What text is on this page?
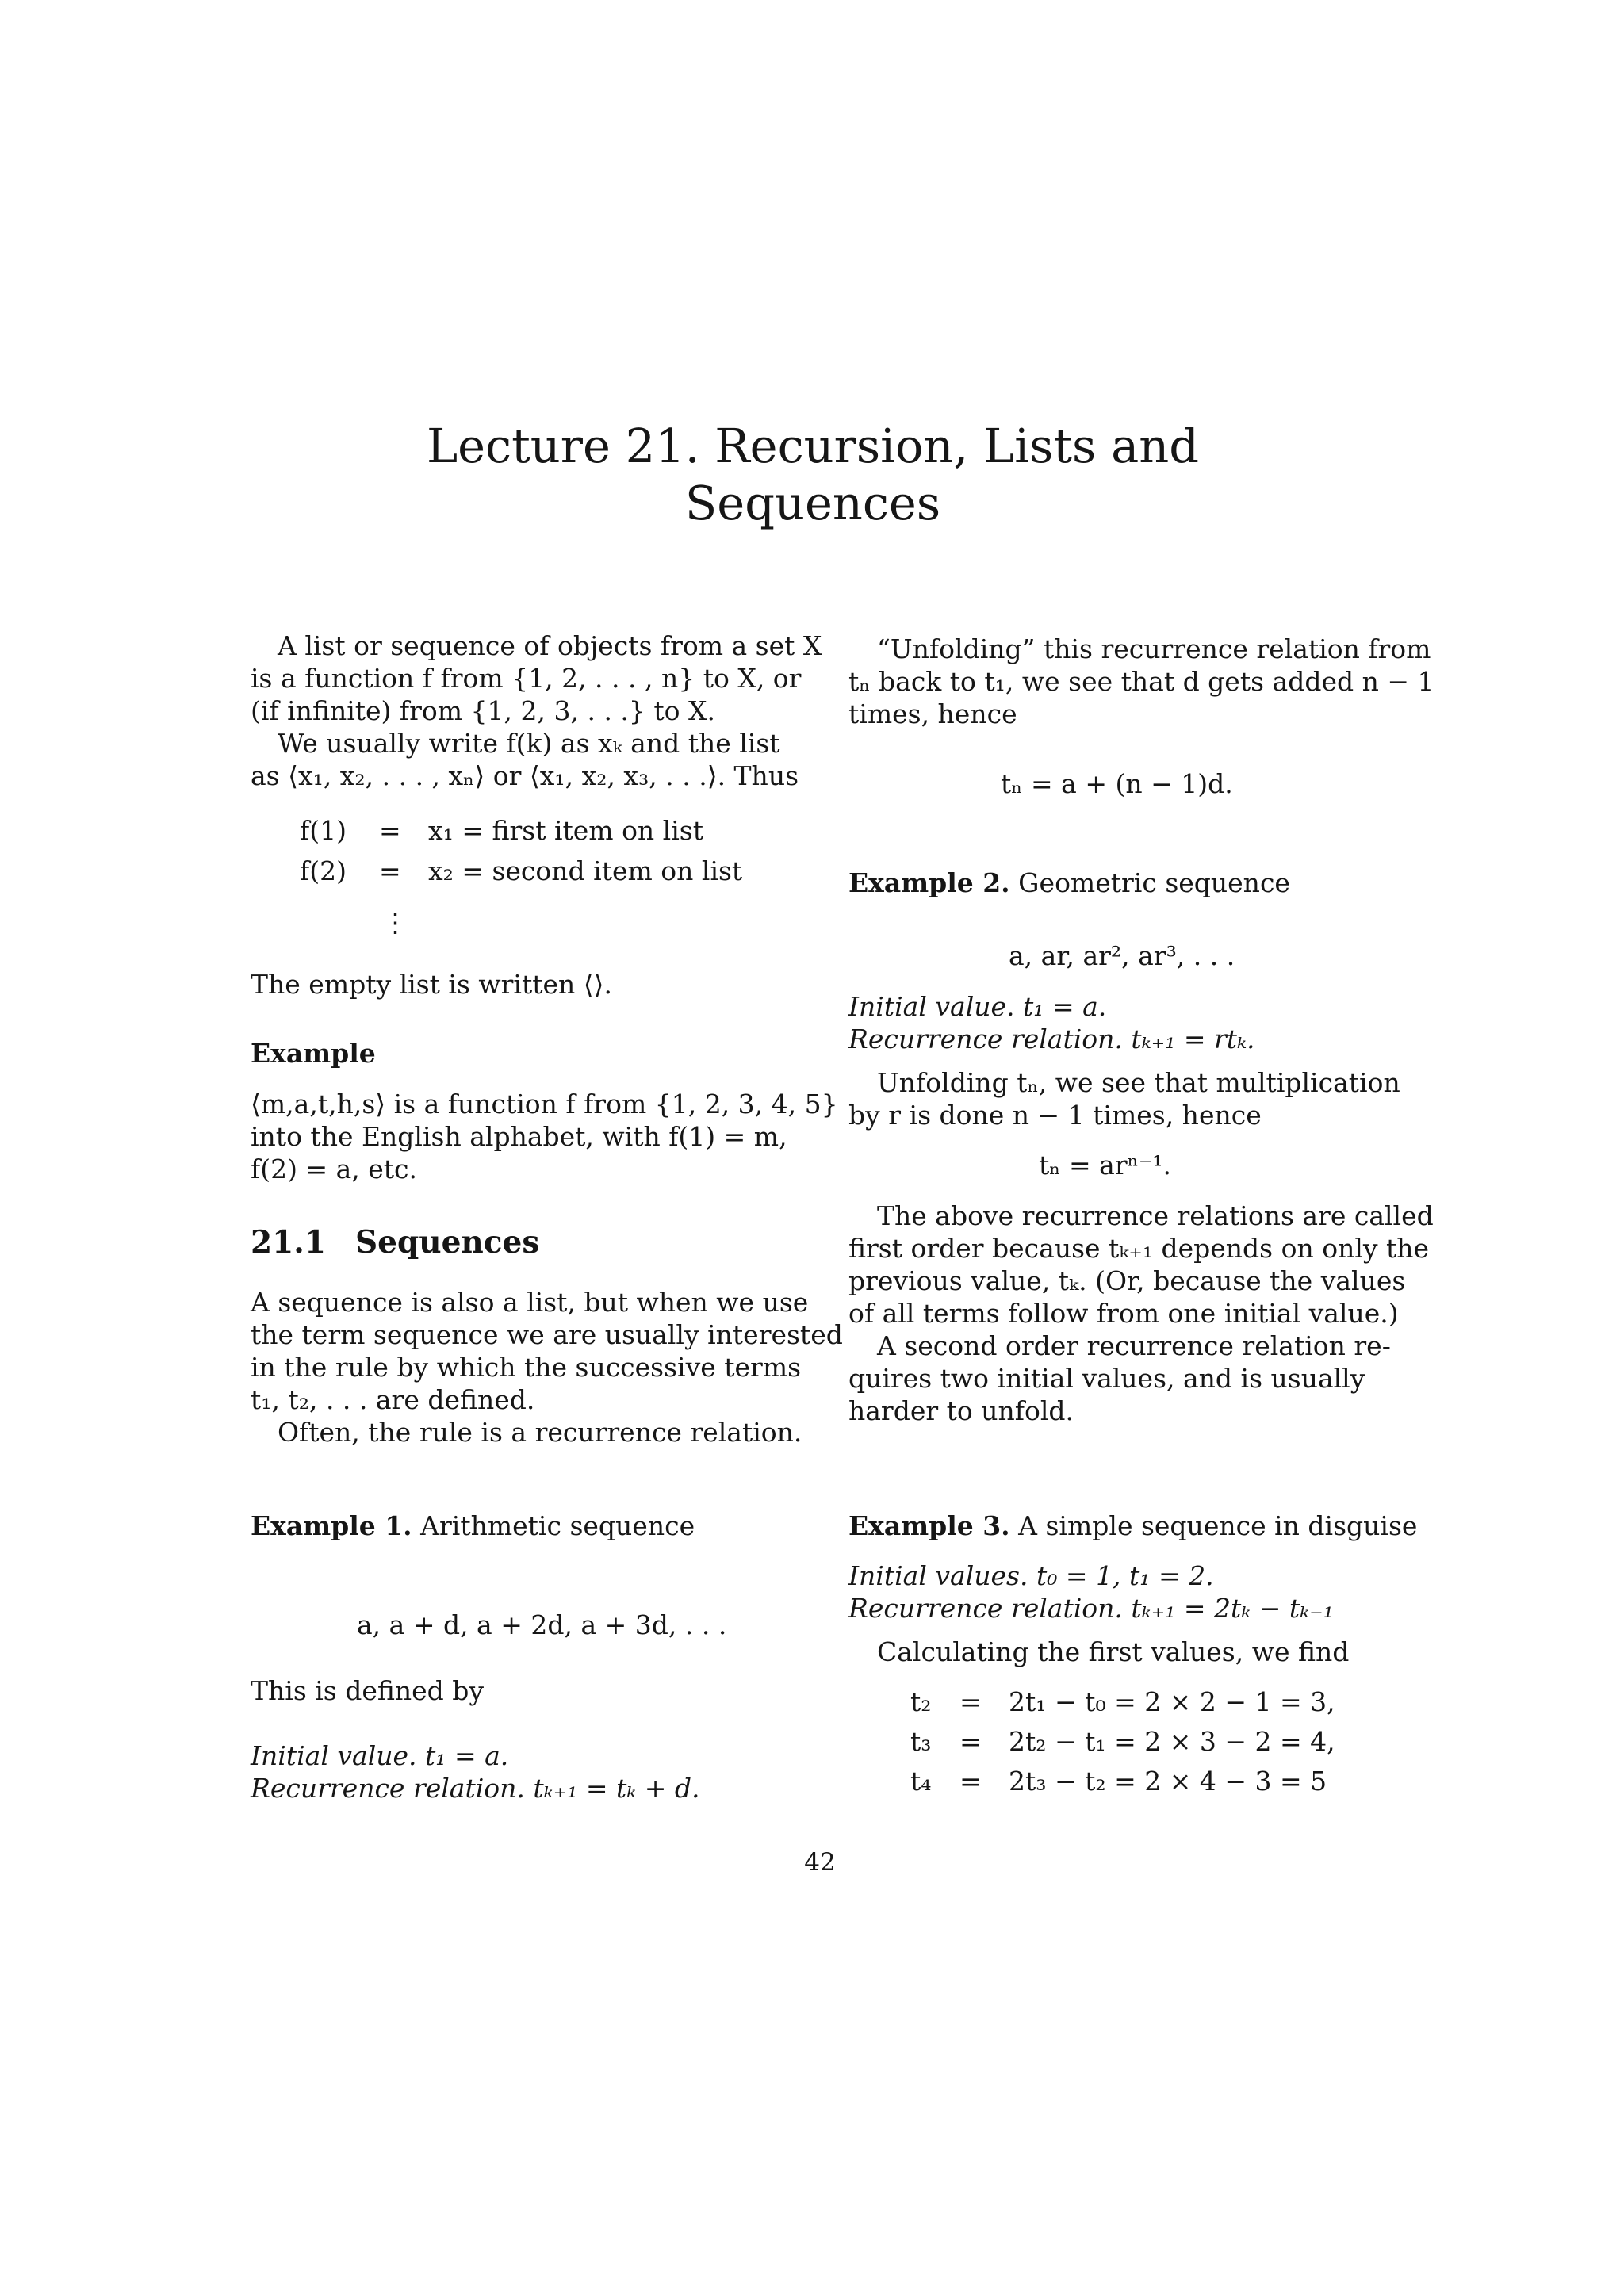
Lecture 21. Recursion, Lists and Sequences
A list or sequence of objects from a set X
is a function f from {1, 2, . . . , n} to X, or
(if infinite) from {1, 2, 3, . . .} to X.
We usually write f(k) as xₖ and the list
as ⟨x₁, x₂, . . . , xₙ⟩ or ⟨x₁, x₂, x₃, . . .⟩. Thus
f(1) = x₁ = first item on list
f(2) = x₂ = second item on list
⋮
The empty list is written ⟨⟩.
Example
⟨m,a,t,h,s⟩ is a function f from {1, 2, 3, 4, 5}
into the English alphabet, with f(1) = m,
f(2) = a, etc.
21.1 Sequences
A sequence is also a list, but when we use
the term sequence we are usually interested
in the rule by which the successive terms
t₁, t₂, . . . are defined.
Often, the rule is a recurrence relation.
Example 1. Arithmetic sequence
a, a + d, a + 2d, a + 3d, . . .
This is defined by
Initial value. t₁ = a.
Recurrence relation. tₖ₊₁ = tₖ + d.
“Unfolding” this recurrence relation from
tₙ back to t₁, we see that d gets added n − 1
times, hence
tₙ = a + (n − 1)d.
Example 2. Geometric sequence
a, ar, ar², ar³, . . .
Initial value. t₁ = a.
Recurrence relation. tₖ₊₁ = rtₖ.
Unfolding tₙ, we see that multiplication
by r is done n − 1 times, hence
tₙ = arⁿ⁻¹.
The above recurrence relations are called
first order because tₖ₊₁ depends on only the
previous value, tₖ. (Or, because the values
of all terms follow from one initial value.)
A second order recurrence relation re-
quires two initial values, and is usually
harder to unfold.
Example 3. A simple sequence in disguise
Initial values. t₀ = 1, t₁ = 2.
Recurrence relation. tₖ₊₁ = 2tₖ − tₖ₋₁
Calculating the first values, we find
t₂ = 2t₁ − t₀ = 2 × 2 − 1 = 3,
t₃ = 2t₂ − t₁ = 2 × 3 − 2 = 4,
t₄ = 2t₃ − t₂ = 2 × 4 − 3 = 5
42
